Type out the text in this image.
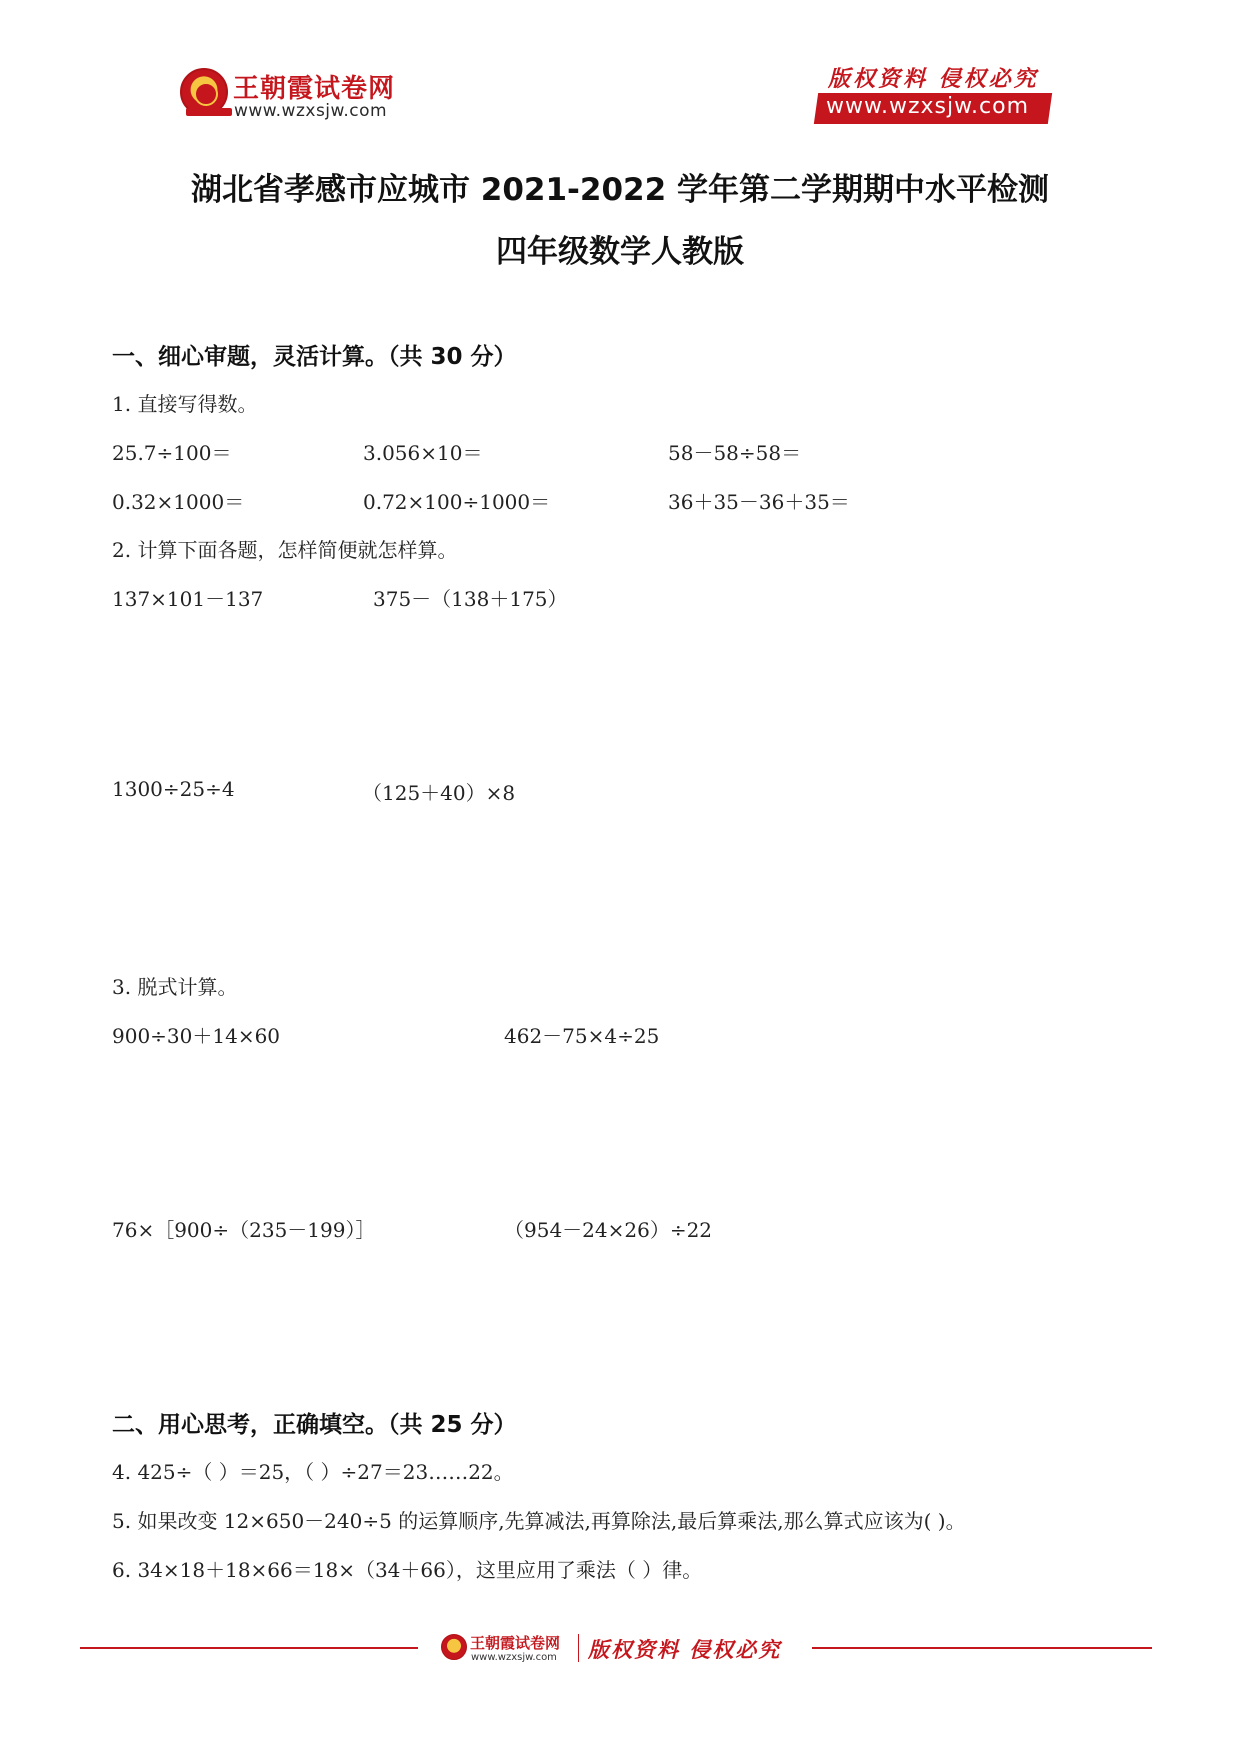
王朝霞试卷网
www.wzxsjw.com
版权资料 侵权必究
www.wzxsjw.com
湖北省孝感市应城市 2021-2022 学年第二学期期中水平检测
四年级数学人教版
一、细心审题，灵活计算。（共 30 分）
1. 直接写得数。
25.7÷100＝	3.056×10＝	58－58÷58＝
0.32×1000＝	0.72×100÷1000＝	36＋35－36＋35＝
2. 计算下面各题，怎样简便就怎样算。
137×101－137	375－（138＋175）
1300÷25÷4	（125＋40）×8
3. 脱式计算。
900÷30＋14×60	462－75×4÷25
76×［900÷（235－199）］	（954－24×26）÷22
二、用心思考，正确填空。（共 25 分）
4. 425÷（ ）＝25，（ ）÷27＝23……22。
5. 如果改变 12×650－240÷5 的运算顺序,先算减法,再算除法,最后算乘法,那么算式应该为( )。
6. 34×18＋18×66＝18×（34＋66），这里应用了乘法（ ）律。
王朝霞试卷网
www.wzxsjw.com 版权资料 侵权必究
